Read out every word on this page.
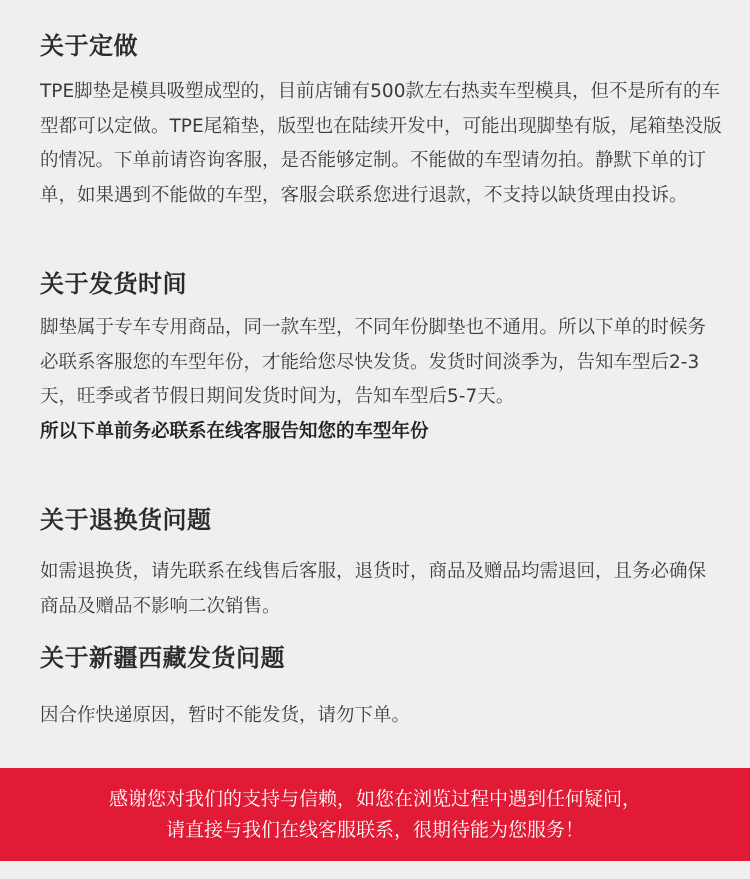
关于定做

TPE脚垫是模具吸塑成型的，目前店铺有500款左右热卖车型模具，但不是所有的车型都可以定做。TPE尾箱垫，版型也在陆续开发中，可能出现脚垫有版，尾箱垫没版的情况。下单前请咨询客服，是否能够定制。不能做的车型请勿拍。静默下单的订单，如果遇到不能做的车型，客服会联系您进行退款，不支持以缺货理由投诉。

关于发货时间

脚垫属于专车专用商品，同一款车型，不同年份脚垫也不通用。所以下单的时候务必联系客服您的车型年份，才能给您尽快发货。发货时间淡季为，告知车型后2-3天，旺季或者节假日期间发货时间为，告知车型后5-7天。

所以下单前务必联系在线客服告知您的车型年份

关于退换货问题

如需退换货，请先联系在线售后客服，退货时，商品及赠品均需退回，且务必确保商品及赠品不影响二次销售。

关于新疆西藏发货问题

因合作快递原因，暂时不能发货，请勿下单。

感谢您对我们的支持与信赖，如您在浏览过程中遇到任何疑问，
请直接与我们在线客服联系，很期待能为您服务！
